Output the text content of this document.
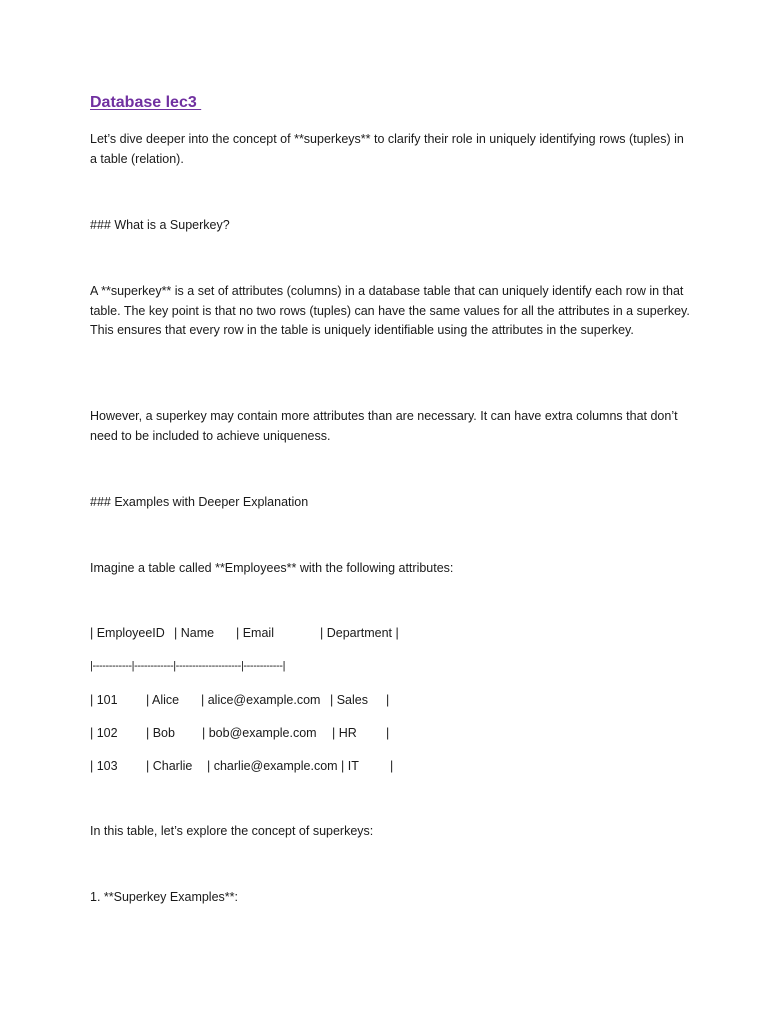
Database lec3

Let’s dive deeper into the concept of **superkeys** to clarify their role in uniquely identifying rows (tuples) in a table (relation).

### What is a Superkey?

A **superkey** is a set of attributes (columns) in a database table that can uniquely identify each row in that table. The key point is that no two rows (tuples) can have the same values for all the attributes in a superkey. This ensures that every row in the table is uniquely identifiable using the attributes in the superkey.

However, a superkey may contain more attributes than are necessary. It can have extra columns that don’t need to be included to achieve uniqueness.

### Examples with Deeper Explanation

Imagine a table called **Employees** with the following attributes:

| EmployeeID

| Name

| Email

	| Department |

|------------|------------|--------------------|------------|

| 101

| Alice

| alice@example.com

| Sales

|

| 102

| Bob

| bob@example.com

| HR

|

| 103

| Charlie

| charlie@example.com

| IT

|

In this table, let’s explore the concept of superkeys:

1. **Superkey Examples**:
